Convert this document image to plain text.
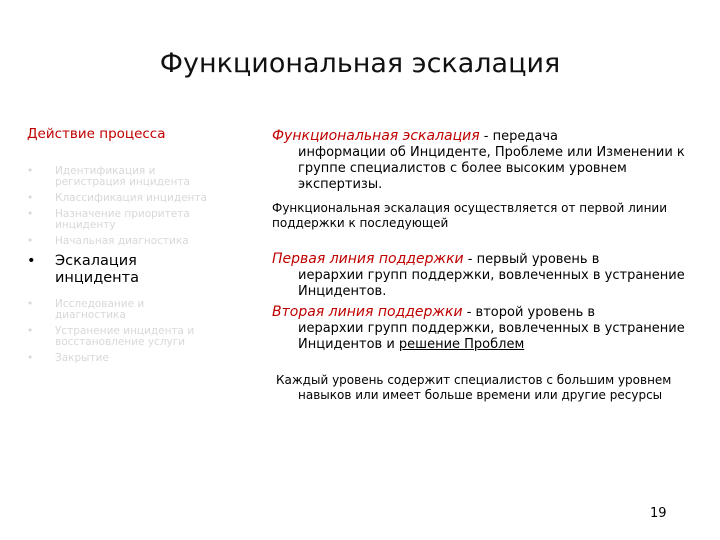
Функциональная эскалация
Действие процесса
• Идентификация и регистрация инцидента
• Классификация инцидента
• Назначение приоритета инциденту
• Начальная диагностика
• Эскалация инцидента
• Исследование и диагностика
• Устранение инцидента и восстановление услуги
• Закрытие
Функциональная эскалация - передача
информации об Инциденте, Проблеме или Изменении к группе специалистов с более высоким уровнем экспертизы.
Функциональная эскалация осуществляется от первой линии поддержки к последующей
Первая линия поддержки - первый уровень в
иерархии групп поддержки, вовлеченных в устранение Инцидентов.
Вторая линия поддержки - второй уровень в
иерархии групп поддержки, вовлеченных в устранение Инцидентов и решение Проблем
Каждый уровень содержит специалистов с большим уровнем навыков или имеет больше времени или другие ресурсы
19
